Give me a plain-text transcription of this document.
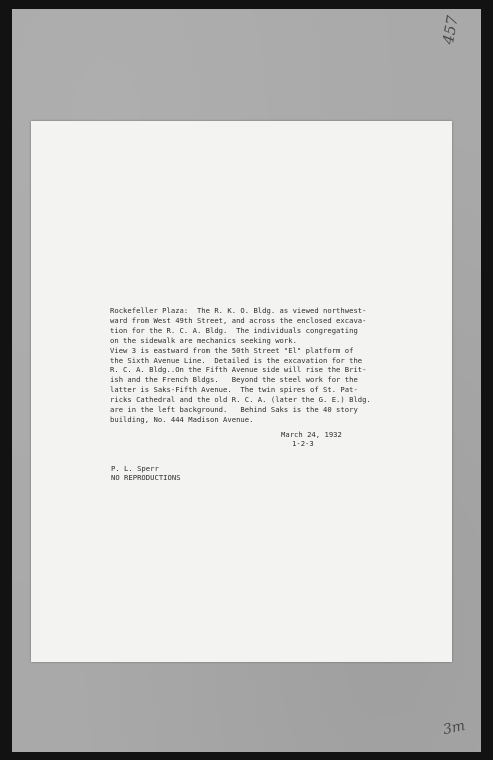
457
3m
Rockefeller Plaza:  The R. K. O. Bldg. as viewed northwest-
ward from West 49th Street, and across the enclosed excava-
tion for the R. C. A. Bldg.  The individuals congregating
on the sidewalk are mechanics seeking work.
View 3 is eastward from the 50th Street "El" platform of
the Sixth Avenue Line.  Detailed is the excavation for the
R. C. A. Bldg..On the Fifth Avenue side will rise the Brit-
ish and the French Bldgs.   Beyond the steel work for the
latter is Saks-Fifth Avenue.  The twin spires of St. Pat-
ricks Cathedral and the old R. C. A. (later the G. E.) Bldg.
are in the left background.   Behind Saks is the 40 story
building, No. 444 Madison Avenue.
March 24, 1932
1-2-3
P. L. Sperr
NO REPRODUCTIONS
